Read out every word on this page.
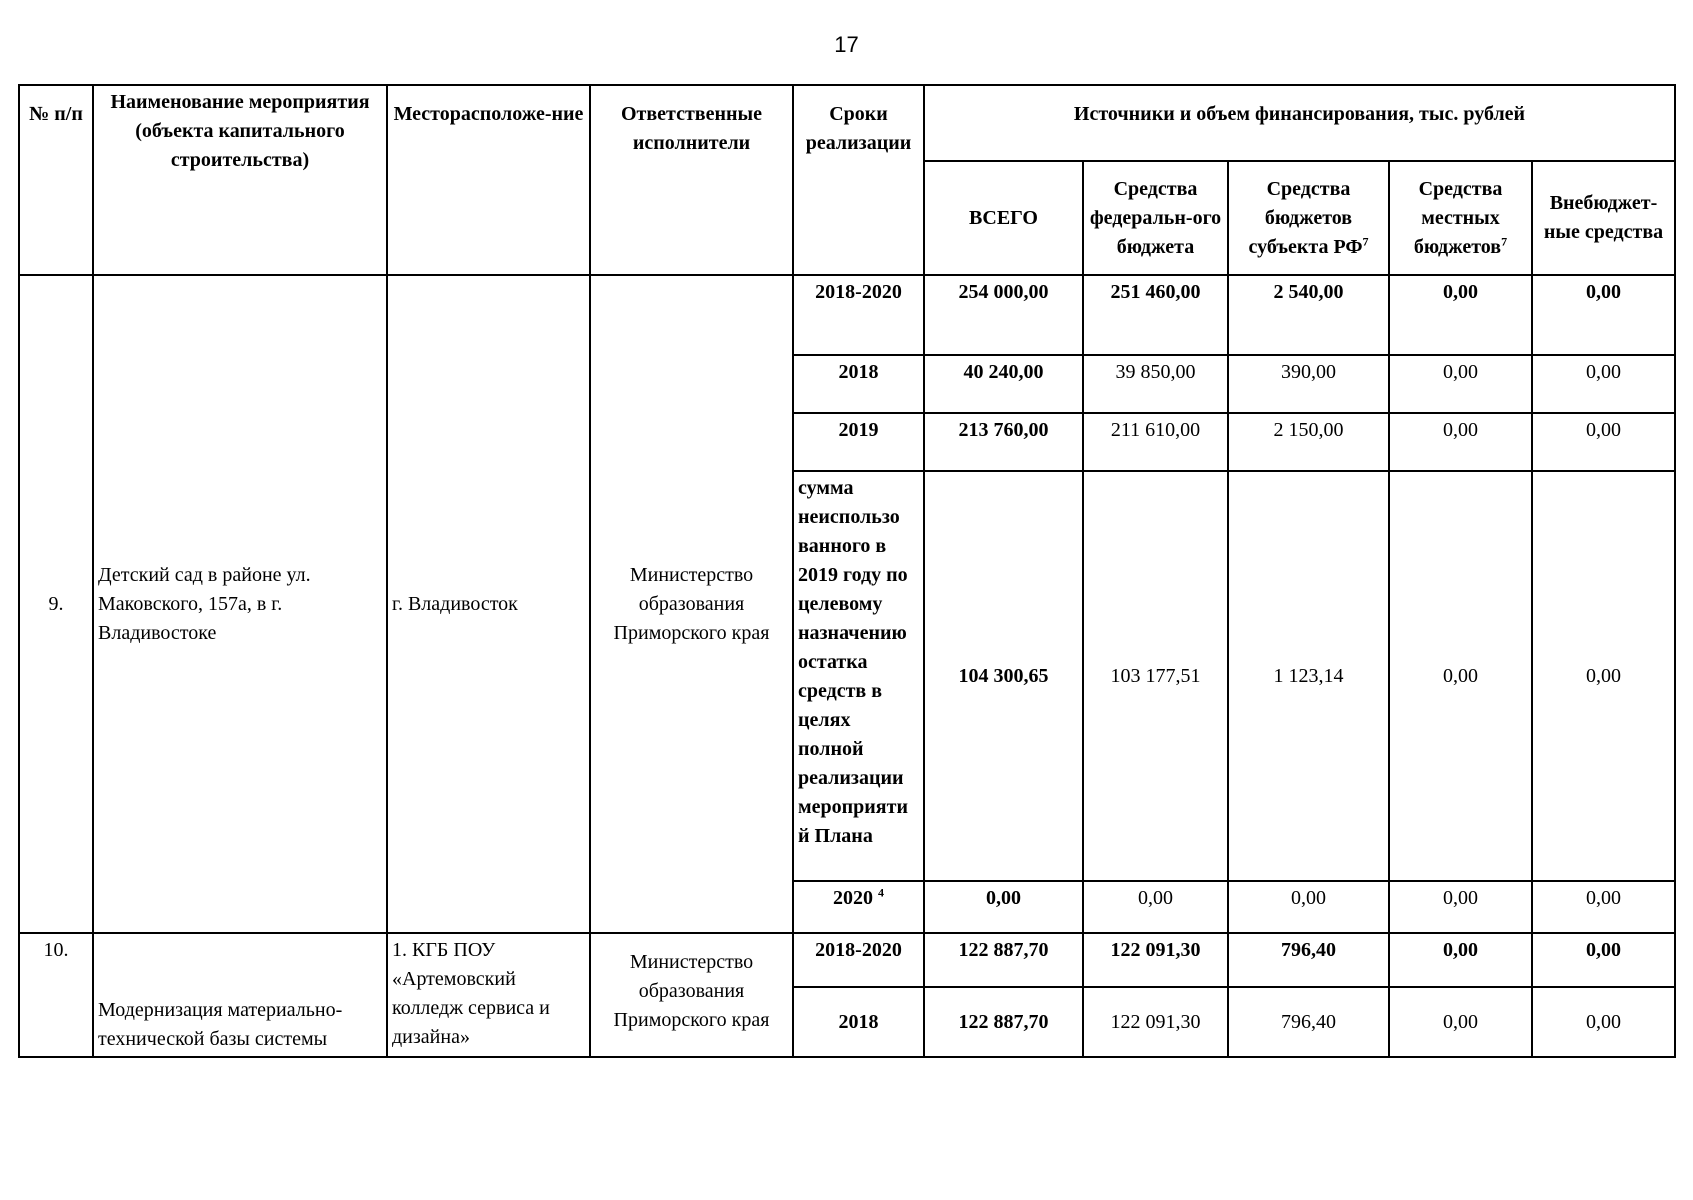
17
№ п/п	Наименование мероприятия (объекта капитального строительства)	Месторасположе-ние	Ответственные исполнители	Сроки реализации	Источники и объем финансирования, тыс. рублей				
					ВСЕГО	Средства федеральн-ого бюджета	Средства бюджетов субъекта $РФ^7$	Средства местных бюджетов$^7$	Внебюджет-ные средства
9.	Детский сад в районе ул. Маковского, 157а, в г. Владивостоке	г. Владивосток	Министерство образования Приморского края	2018-2020	254 000,00	251 460,00	2 540,00	0,00	0,00
				2018	40 240,00	39 850,00	390,00	0,00	0,00
				2019	213 760,00	211 610,00	2 150,00	0,00	0,00
				сумма неиспользо ванного в 2019 году по целевому назначению остатка средств в целях полной реализации мероприяти й Плана	104 300,65	103 177,51	1 123,14	0,00	0,00
				2020 $^4$	0,00	0,00	0,00	0,00	0,00
10.	Модернизация материально-технической базы системы	1. КГБ ПОУ «Артемовский колледж сервиса и дизайна»	Министерство образования Приморского края	2018-2020	122 887,70	122 091,30	796,40	0,00	0,00
				2018	122 887,70	122 091,30	796,40	0,00	0,00
